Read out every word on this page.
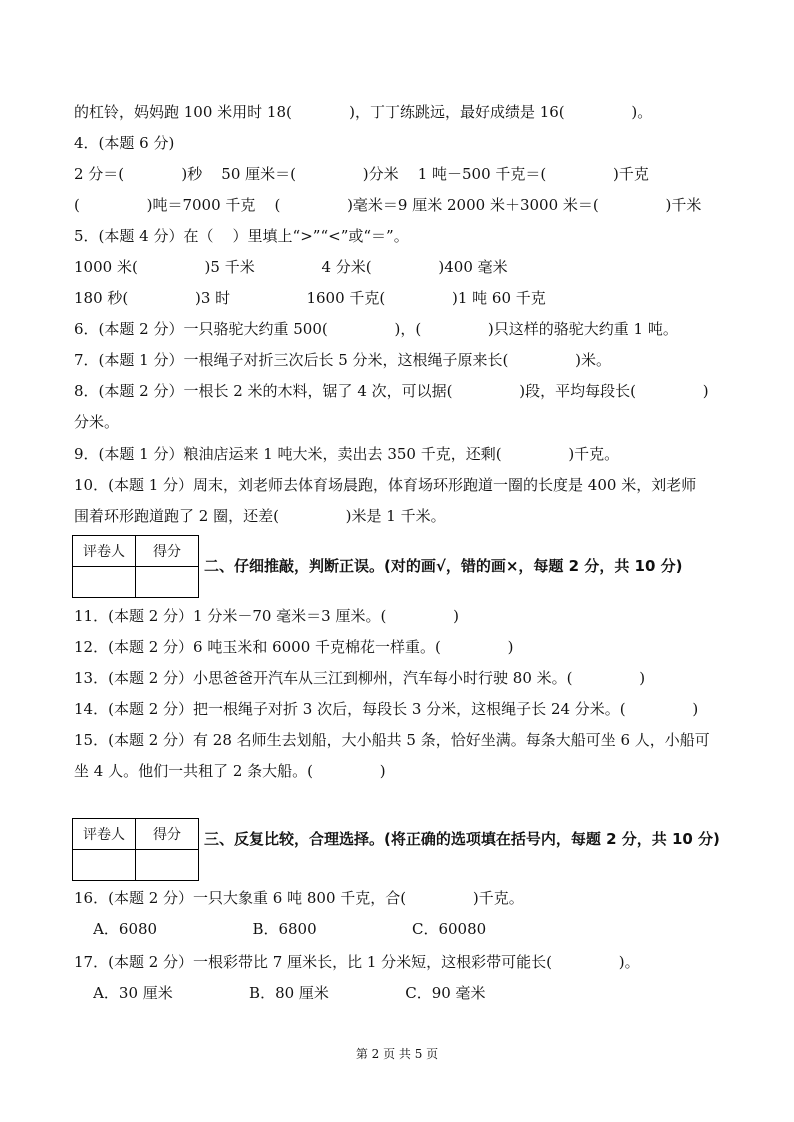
的杠铃，妈妈跑 100 米用时 18(            )，丁丁练跳远，最好成绩是 16(              )。
4．(本题 6 分)
2 分＝(            )秒    50 厘米＝(              )分米    1 吨－500 千克＝(              )千克
(              )吨＝7000 千克    (              )毫米＝9 厘米 2000 米＋3000 米＝(              )千米
5．(本题 4 分）在（    ）里填上“>”“<”或“＝”。
1000 米(              )5 千米              4 分米(              )400 毫米
180 秒(              )3 时                1600 千克(              )1 吨 60 千克
6．(本题 2 分）一只骆驼大约重 500(              )，(              )只这样的骆驼大约重 1 吨。
7．(本题 1 分）一根绳子对折三次后长 5 分米，这根绳子原来长(              )米。
8．(本题 2 分）一根长 2 米的木料，锯了 4 次，可以据(              )段，平均每段长(              )
分米。
9．(本题 1 分）粮油店运来 1 吨大米，卖出去 350 千克，还剩(              )千克。
10．(本题 1 分）周末，刘老师去体育场晨跑，体育场环形跑道一圈的长度是 400 米，刘老师
围着环形跑道跑了 2 圈，还差(              )米是 1 千米。
评卷人	得分

二、仔细推敲，判断正误。(对的画√，错的画×，每题 2 分，共 10 分)
11．(本题 2 分）1 分米－70 毫米＝3 厘米。(              )
12．(本题 2 分）6 吨玉米和 6000 千克棉花一样重。(              )
13．(本题 2 分）小思爸爸开汽车从三江到柳州，汽车每小时行驶 80 米。(              )
14．(本题 2 分）把一根绳子对折 3 次后，每段长 3 分米，这根绳子长 24 分米。(              )
15．(本题 2 分）有 28 名师生去划船，大小船共 5 条，恰好坐满。每条大船可坐 6 人，小船可
坐 4 人。他们一共租了 2 条大船。(              )
评卷人	得分
	三、反复比较，合理选择。(将正确的选项填在括号内，每题 2 分，共 10 分)
16．(本题 2 分）一只大象重 6 吨 800 千克，合(              )千克。
A．6080                    B．6800                    C．60080
17．(本题 2 分）一根彩带比 7 厘米长，比 1 分米短，这根彩带可能长(              )。
A．30 厘米                B．80 厘米                C．90 毫米
第 2 页 共 5 页
